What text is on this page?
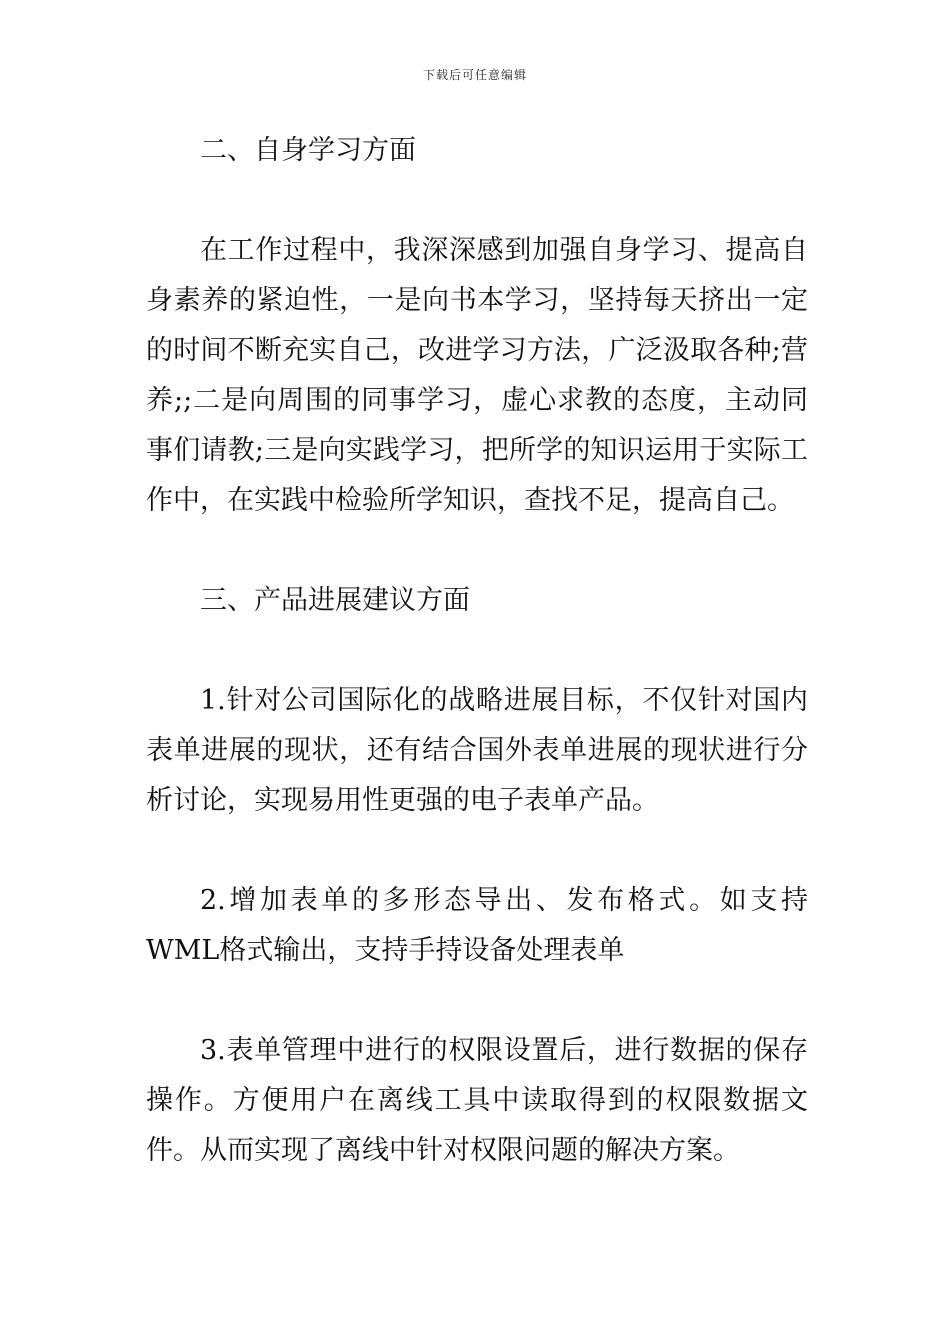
下载后可任意编辑

二、自身学习方面

在工作过程中，我深深感到加强自身学习、提高自身素养的紧迫性，一是向书本学习，坚持每天挤出一定的时间不断充实自己，改进学习方法，广泛汲取各种;营养;;二是向周围的同事学习，虚心求教的态度，主动同事们请教;三是向实践学习，把所学的知识运用于实际工作中，在实践中检验所学知识，查找不足，提高自己。

三、产品进展建议方面

1.针对公司国际化的战略进展目标，不仅针对国内表单进展的现状，还有结合国外表单进展的现状进行分析讨论，实现易用性更强的电子表单产品。

2.增加表单的多形态导出、发布格式。如支持WML格式输出，支持手持设备处理表单

3.表单管理中进行的权限设置后，进行数据的保存操作。方便用户在离线工具中读取得到的权限数据文件。从而实现了离线中针对权限问题的解决方案。
